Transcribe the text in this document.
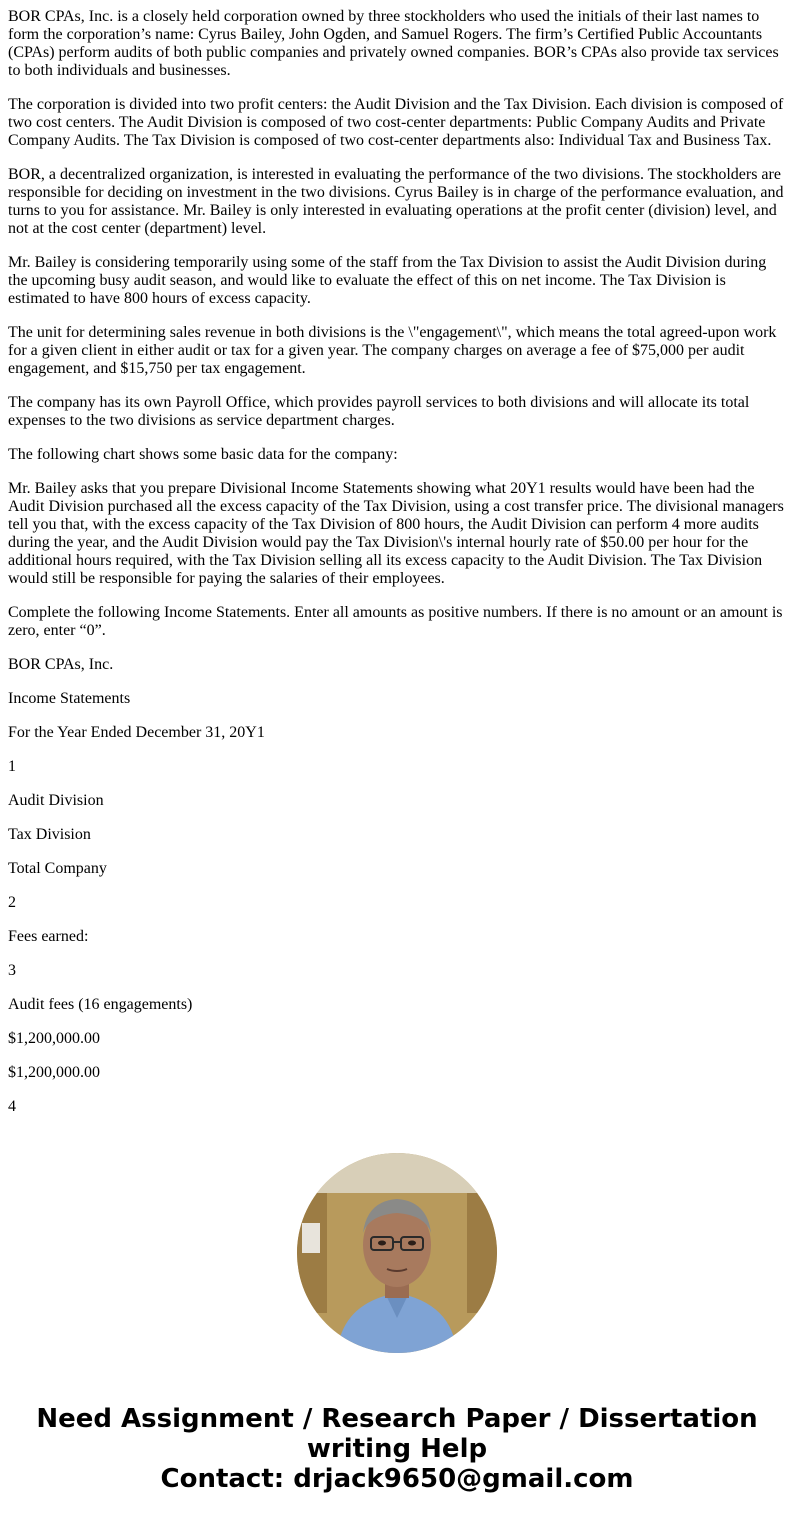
BOR CPAs, Inc. is a closely held corporation owned by three stockholders who used the initials of their last names to form the corporation’s name: Cyrus Bailey, John Ogden, and Samuel Rogers. The firm’s Certified Public Accountants (CPAs) perform audits of both public companies and privately owned companies. BOR’s CPAs also provide tax services to both individuals and businesses.

The corporation is divided into two profit centers: the Audit Division and the Tax Division. Each division is composed of two cost centers. The Audit Division is composed of two cost-center departments: Public Company Audits and Private Company Audits. The Tax Division is composed of two cost-center departments also: Individual Tax and Business Tax.

BOR, a decentralized organization, is interested in evaluating the performance of the two divisions. The stockholders are responsible for deciding on investment in the two divisions. Cyrus Bailey is in charge of the performance evaluation, and turns to you for assistance. Mr. Bailey is only interested in evaluating operations at the profit center (division) level, and not at the cost center (department) level.

Mr. Bailey is considering temporarily using some of the staff from the Tax Division to assist the Audit Division during the upcoming busy audit season, and would like to evaluate the effect of this on net income. The Tax Division is estimated to have 800 hours of excess capacity.

The unit for determining sales revenue in both divisions is the \"engagement\", which means the total agreed-upon work for a given client in either audit or tax for a given year. The company charges on average a fee of $75,000 per audit engagement, and $15,750 per tax engagement.

The company has its own Payroll Office, which provides payroll services to both divisions and will allocate its total expenses to the two divisions as service department charges.

The following chart shows some basic data for the company:

Mr. Bailey asks that you prepare Divisional Income Statements showing what 20Y1 results would have been had the Audit Division purchased all the excess capacity of the Tax Division, using a cost transfer price. The divisional managers tell you that, with the excess capacity of the Tax Division of 800 hours, the Audit Division can perform 4 more audits during the year, and the Audit Division would pay the Tax Division\'s internal hourly rate of $50.00 per hour for the additional hours required, with the Tax Division selling all its excess capacity to the Audit Division. The Tax Division would still be responsible for paying the salaries of their employees.

Complete the following Income Statements. Enter all amounts as positive numbers. If there is no amount or an amount is zero, enter “0”.

BOR CPAs, Inc.

Income Statements

For the Year Ended December 31, 20Y1

1

Audit Division

Tax Division

Total Company

2

Fees earned:

3

Audit fees (16 engagements)

$1,200,000.00

$1,200,000.00

4

Need Assignment / Research Paper / Dissertation
writing Help
Contact: drjack9650@gmail.com
